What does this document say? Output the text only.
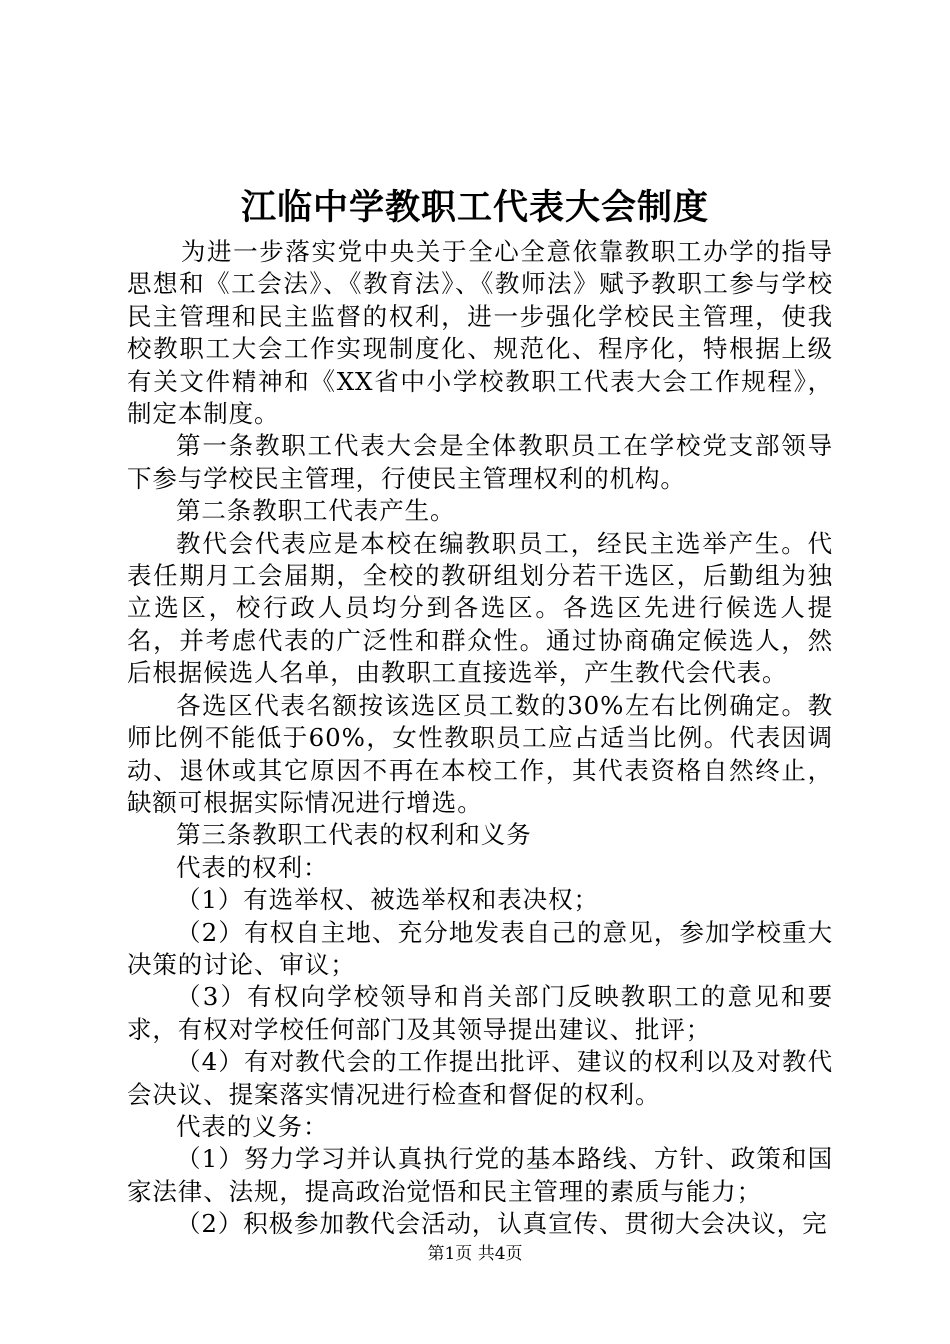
江临中学教职工代表大会制度

为进一步落实党中央关于全心全意依靠教职工办学的指导思想和《工会法》、《教育法》、《教师法》赋予教职工参与学校民主管理和民主监督的权利，进一步强化学校民主管理，使我校教职工大会工作实现制度化、规范化、程序化，特根据上级有关文件精神和《XX省中小学校教职工代表大会工作规程》，制定本制度。

第一条教职工代表大会是全体教职员工在学校党支部领导下参与学校民主管理，行使民主管理权利的机构。

第二条教职工代表产生。

教代会代表应是本校在编教职员工，经民主选举产生。代表任期月工会届期，全校的教研组划分若干选区，后勤组为独立选区，校行政人员均分到各选区。各选区先进行候选人提名，并考虑代表的广泛性和群众性。通过协商确定候选人，然后根据候选人名单，由教职工直接选举，产生教代会代表。

各选区代表名额按该选区员工数的30%左右比例确定。教师比例不能低于60%，女性教职员工应占适当比例。代表因调动、退休或其它原因不再在本校工作，其代表资格自然终止，缺额可根据实际情况进行增选。

第三条教职工代表的权利和义务

代表的权利：

（1）有选举权、被选举权和表决权；

（2）有权自主地、充分地发表自己的意见，参加学校重大决策的讨论、审议；

（3）有权向学校领导和肖关部门反映教职工的意见和要求，有权对学校任何部门及其领导提出建议、批评；

（4）有对教代会的工作提出批评、建议的权利以及对教代会决议、提案落实情况进行检查和督促的权利。

代表的义务：

（1）努力学习并认真执行党的基本路线、方针、政策和国家法律、法规，提高政治觉悟和民主管理的素质与能力；

（2）积极参加教代会活动，认真宣传、贯彻大会决议，完

第1页 共4页
